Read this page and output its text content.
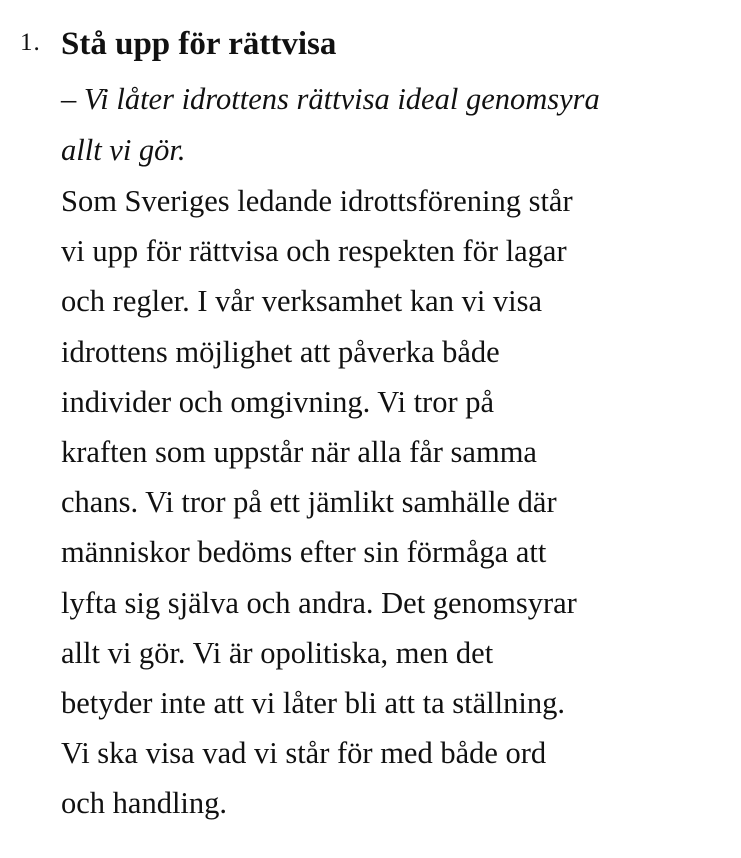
1. Stå upp för rättvisa

– Vi låter idrottens rättvisa ideal genomsyra
allt vi gör.

Som Sveriges ledande idrottsförening står
vi upp för rättvisa och respekten för lagar
och regler. I vår verksamhet kan vi visa
idrottens möjlighet att påverka både
individer och omgivning. Vi tror på
kraften som uppstår när alla får samma
chans. Vi tror på ett jämlikt samhälle där
människor bedöms efter sin förmåga att
lyfta sig själva och andra. Det genomsyrar
allt vi gör. Vi är opolitiska, men det
betyder inte att vi låter bli att ta ställning.
Vi ska visa vad vi står för med både ord
och handling.
